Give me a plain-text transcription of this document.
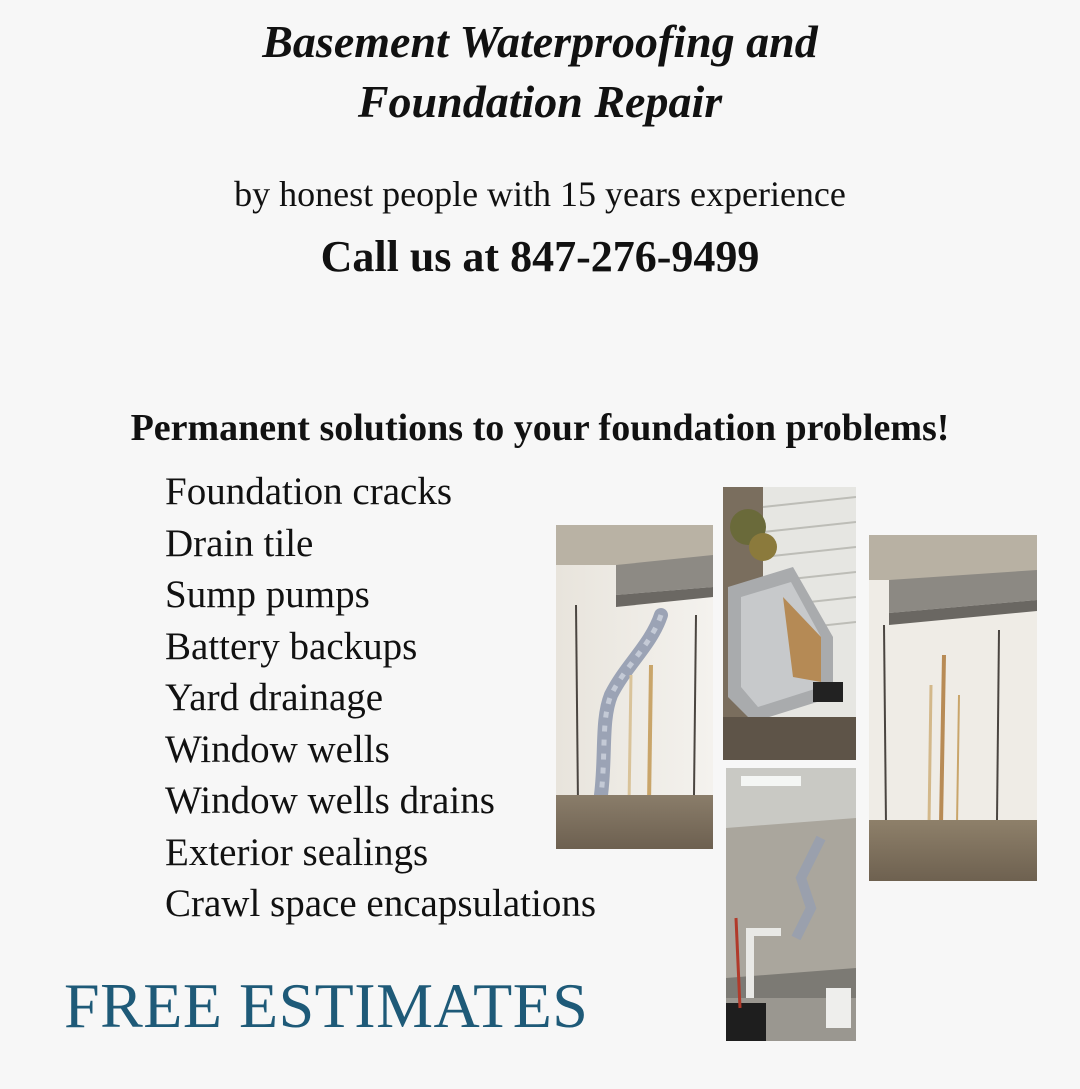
Basement Waterproofing and
Foundation Repair

by honest people with 15 years experience

Call us at 847-276-9499
Permanent solutions to your foundation problems!
Foundation cracks
Drain tile
Sump pumps
Battery backups
Yard drainage
Window wells
Window wells drains
Exterior sealings
Crawl space encapsulations
FREE ESTIMATES
